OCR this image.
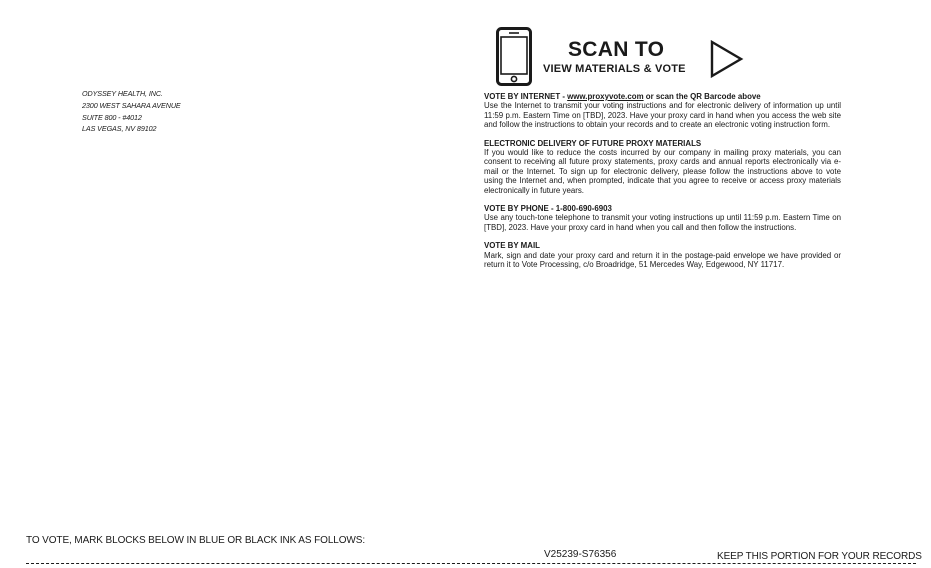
ODYSSEY HEALTH, INC.
2300 WEST SAHARA AVENUE
SUITE 800 - #4012
LAS VEGAS, NV 89102
SCAN TO
VIEW MATERIALS & VOTE
VOTE BY INTERNET - www.proxyvote.com or scan the QR Barcode above
Use the Internet to transmit your voting instructions and for electronic delivery of information up until 11:59 p.m. Eastern Time on [TBD], 2023. Have your proxy card in hand when you access the web site and follow the instructions to obtain your records and to create an electronic voting instruction form.
ELECTRONIC DELIVERY OF FUTURE PROXY MATERIALS
If you would like to reduce the costs incurred by our company in mailing proxy materials, you can consent to receiving all future proxy statements, proxy cards and annual reports electronically via e-mail or the Internet. To sign up for electronic delivery, please follow the instructions above to vote using the Internet and, when prompted, indicate that you agree to receive or access proxy materials electronically in future years.
VOTE BY PHONE - 1-800-690-6903
Use any touch-tone telephone to transmit your voting instructions up until 11:59 p.m. Eastern Time on [TBD], 2023. Have your proxy card in hand when you call and then follow the instructions.
VOTE BY MAIL
Mark, sign and date your proxy card and return it in the postage-paid envelope we have provided or return it to Vote Processing, c/o Broadridge, 51 Mercedes Way, Edgewood, NY 11717.
TO VOTE, MARK BLOCKS BELOW IN BLUE OR BLACK INK AS FOLLOWS:
V25239-S76356	KEEP THIS PORTION FOR YOUR RECORDS
